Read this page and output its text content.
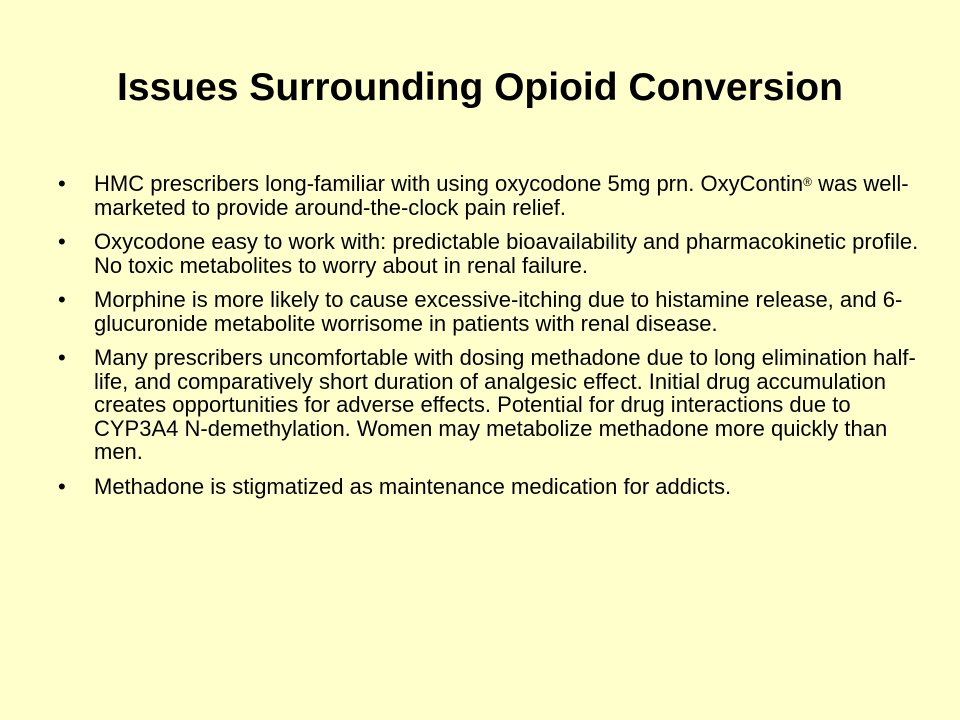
Issues Surrounding Opioid Conversion
• HMC prescribers long-familiar with using oxycodone 5mg prn. OxyContin® was well-marketed to provide around-the-clock pain relief.
• Oxycodone easy to work with: predictable bioavailability and pharmacokinetic profile. No toxic metabolites to worry about in renal failure.
• Morphine is more likely to cause excessive-itching due to histamine release, and 6-glucuronide metabolite worrisome in patients with renal disease.
• Many prescribers uncomfortable with dosing methadone due to long elimination half-life, and comparatively short duration of analgesic effect. Initial drug accumulation creates opportunities for adverse effects. Potential for drug interactions due to CYP3A4 N-demethylation. Women may metabolize methadone more quickly than men.
• Methadone is stigmatized as maintenance medication for addicts.
